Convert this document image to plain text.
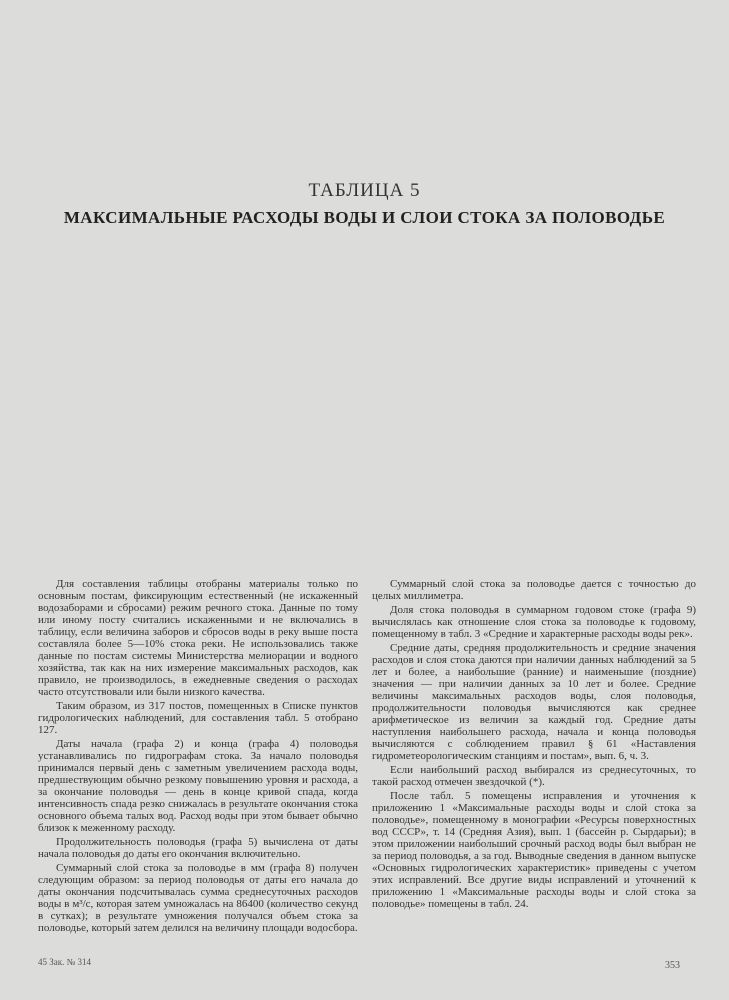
ТАБЛИЦА 5
МАКСИМАЛЬНЫЕ РАСХОДЫ ВОДЫ И СЛОИ СТОКА ЗА ПОЛОВОДЬЕ

Для составления таблицы отобраны материалы только по основным постам, фиксирующим естественный (не искаженный водозаборами и сбросами) режим речного стока. Данные по тому или иному посту считались искаженными и не включались в таблицу, если величина заборов и сбросов воды в реку выше поста составляла более 5—10% стока реки. Не использовались также данные по постам системы Министерства мелиорации и водного хозяйства, так как на них измерение максимальных расходов, как правило, не производилось, в ежедневные сведения о расходах часто отсутствовали или были низкого качества.

Таким образом, из 317 постов, помещенных в Списке пунктов гидрологических наблюдений, для составления табл. 5 отобрано 127.

Даты начала (графа 2) и конца (графа 4) половодья устанавливались по гидрографам стока. За начало половодья принимался первый день с заметным увеличением расхода воды, предшествующим обычно резкому повышению уровня и расхода, а за окончание половодья — день в конце кривой спада, когда интенсивность спада резко снижалась в результате окончания стока основного объема талых вод. Расход воды при этом бывает обычно близок к меженному расходу.

Продолжительность половодья (графа 5) вычислена от даты начала половодья до даты его окончания включительно.

Суммарный слой стока за половодье в мм (графа 8) получен следующим образом: за период половодья от даты его начала до даты окончания подсчитывалась сумма среднесуточных расходов воды в м³/с, которая затем умножалась на 86400 (количество секунд в сутках); в результате умножения получался объем стока за половодье, который затем делился на величину площади водосбора.

Суммарный слой стока за половодье дается с точностью до целых миллиметра.

Доля стока половодья в суммарном годовом стоке (графа 9) вычислялась как отношение слоя стока за половодье к годовому, помещенному в табл. 3 «Средние и характерные расходы воды рек».

Средние даты, средняя продолжительность и средние значения расходов и слоя стока даются при наличии данных наблюдений за 5 лет и более, а наибольшие (ранние) и наименьшие (поздние) значения — при наличии данных за 10 лет и более. Средние величины максимальных расходов воды, слоя половодья, продолжительности половодья вычисляются как среднее арифметическое из величин за каждый год. Средние даты наступления наибольшего расхода, начала и конца половодья вычисляются с соблюдением правил § 61 «Наставления гидрометеорологическим станциям и постам», вып. 6, ч. 3.

Если наибольший расход выбирался из среднесуточных, то такой расход отмечен звездочкой (*).

После табл. 5 помещены исправления и уточнения к приложению 1 «Максимальные расходы воды и слой стока за половодье», помещенному в монографии «Ресурсы поверхностных вод СССР», т. 14 (Средняя Азия), вып. 1 (бассейн р. Сырдарьи); в этом приложении наибольший срочный расход воды был выбран не за период половодья, а за год. Выводные сведения в данном выпуске «Основных гидрологических характеристик» приведены с учетом этих исправлений. Все другие виды исправлений и уточнений к приложению 1 «Максимальные расходы воды и слой стока за половодье» помещены в табл. 24.

45 Зак. № 314	353
